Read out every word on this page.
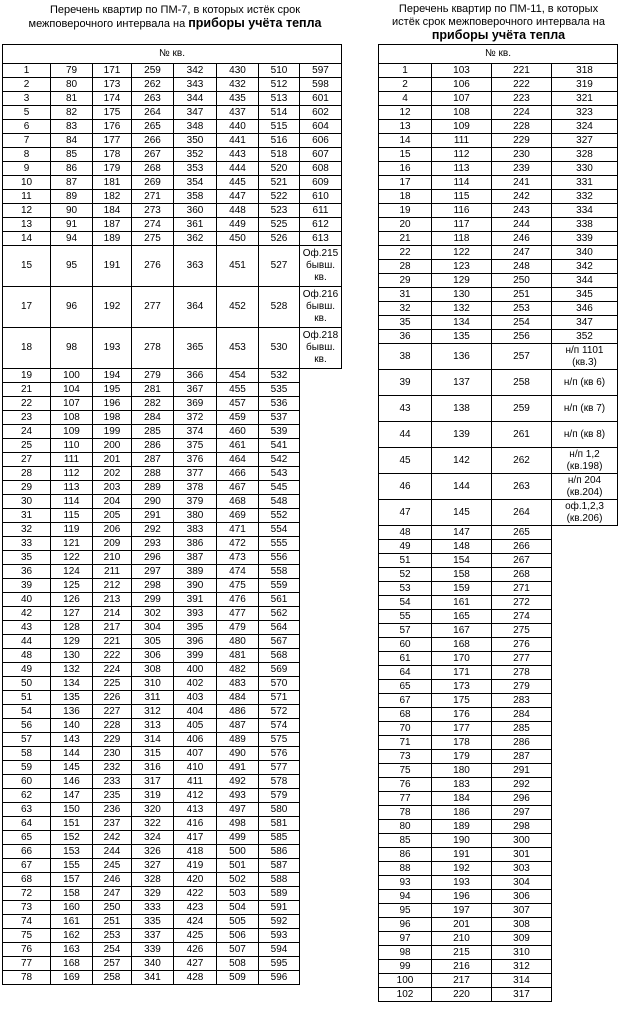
Перечень квартир по ПМ-7, в которых истёк срок
межповерочного интервала на приборы учёта тепла

№ кв.							
1	79	171	259	342	430	510	597
2	80	173	262	343	432	512	598
3	81	174	263	344	435	513	601
5	82	175	264	347	437	514	602
6	83	176	265	348	440	515	604
7	84	177	266	350	441	516	606
8	85	178	267	352	443	518	607
9	86	179	268	353	444	520	608
10	87	181	269	354	445	521	609
11	89	182	271	358	447	522	610
12	90	184	273	360	448	523	611
13	91	187	274	361	449	525	612
14	94	189	275	362	450	526	613
15	95	191	276	363	451	527	Оф.215 бывш. кв.
17	96	192	277	364	452	528	Оф.216 бывш. кв.
18	98	193	278	365	453	530	Оф.218 бывш. кв.
19	100	194	279	366	454	532	
21	104	195	281	367	455	535	
22	107	196	282	369	457	536	
23	108	198	284	372	459	537	
24	109	199	285	374	460	539	
25	110	200	286	375	461	541	
27	111	201	287	376	464	542	
28	112	202	288	377	466	543	
29	113	203	289	378	467	545	
30	114	204	290	379	468	548	
31	115	205	291	380	469	552	
32	119	206	292	383	471	554	
33	121	209	293	386	472	555	
35	122	210	296	387	473	556	
36	124	211	297	389	474	558	
39	125	212	298	390	475	559	
40	126	213	299	391	476	561	
42	127	214	302	393	477	562	
43	128	217	304	395	479	564	
44	129	221	305	396	480	567	
48	130	222	306	399	481	568	
49	132	224	308	400	482	569	
50	134	225	310	402	483	570	
51	135	226	311	403	484	571	
54	136	227	312	404	486	572	
56	140	228	313	405	487	574	
57	143	229	314	406	489	575	
58	144	230	315	407	490	576	
59	145	232	316	410	491	577	
60	146	233	317	411	492	578	
62	147	235	319	412	493	579	
63	150	236	320	413	497	580	
64	151	237	322	416	498	581	
65	152	242	324	417	499	585	
66	153	244	326	418	500	586	
67	155	245	327	419	501	587	
68	157	246	328	420	502	588	
72	158	247	329	422	503	589	
73	160	250	333	423	504	591	
74	161	251	335	424	505	592	
75	162	253	337	425	506	593	
76	163	254	339	426	507	594	
77	168	257	340	427	508	595	
78	169	258	341	428	509	596	

Перечень квартир по ПМ-11, в которых
истёк срок межповерочного интервала на
приборы учёта тепла

№ кв.			
1	103	221	318
2	106	222	319
4	107	223	321
12	108	224	323
13	109	228	324
14	111	229	327
15	112	230	328
16	113	239	330
17	114	241	331
18	115	242	332
19	116	243	334
20	117	244	338
21	118	246	339
22	122	247	340
28	123	248	342
29	129	250	344
31	130	251	345
32	132	253	346
35	134	254	347
36	135	256	352
38	136	257	н/п 1101 (кв.3)
39	137	258	н/п (кв 6)
43	138	259	н/п (кв 7)
44	139	261	н/п (кв 8)
45	142	262	н/п 1,2 (кв.198)
46	144	263	н/п 204 (кв.204)
47	145	264	оф.1,2,3 (кв.206)
48	147	265	
49	148	266	
51	154	267	
52	158	268	
53	159	271	
54	161	272	
55	165	274	
57	167	275	
60	168	276	
61	170	277	
64	171	278	
65	173	279	
67	175	283	
68	176	284	
70	177	285	
71	178	286	
73	179	287	
75	180	291	
76	183	292	
77	184	296	
78	186	297	
80	189	298	
85	190	300	
86	191	301	
88	192	303	
93	193	304	
94	196	306	
95	197	307	
96	201	308	
97	210	309	
98	215	310	
99	216	312	
100	217	314	
102	220	317	
